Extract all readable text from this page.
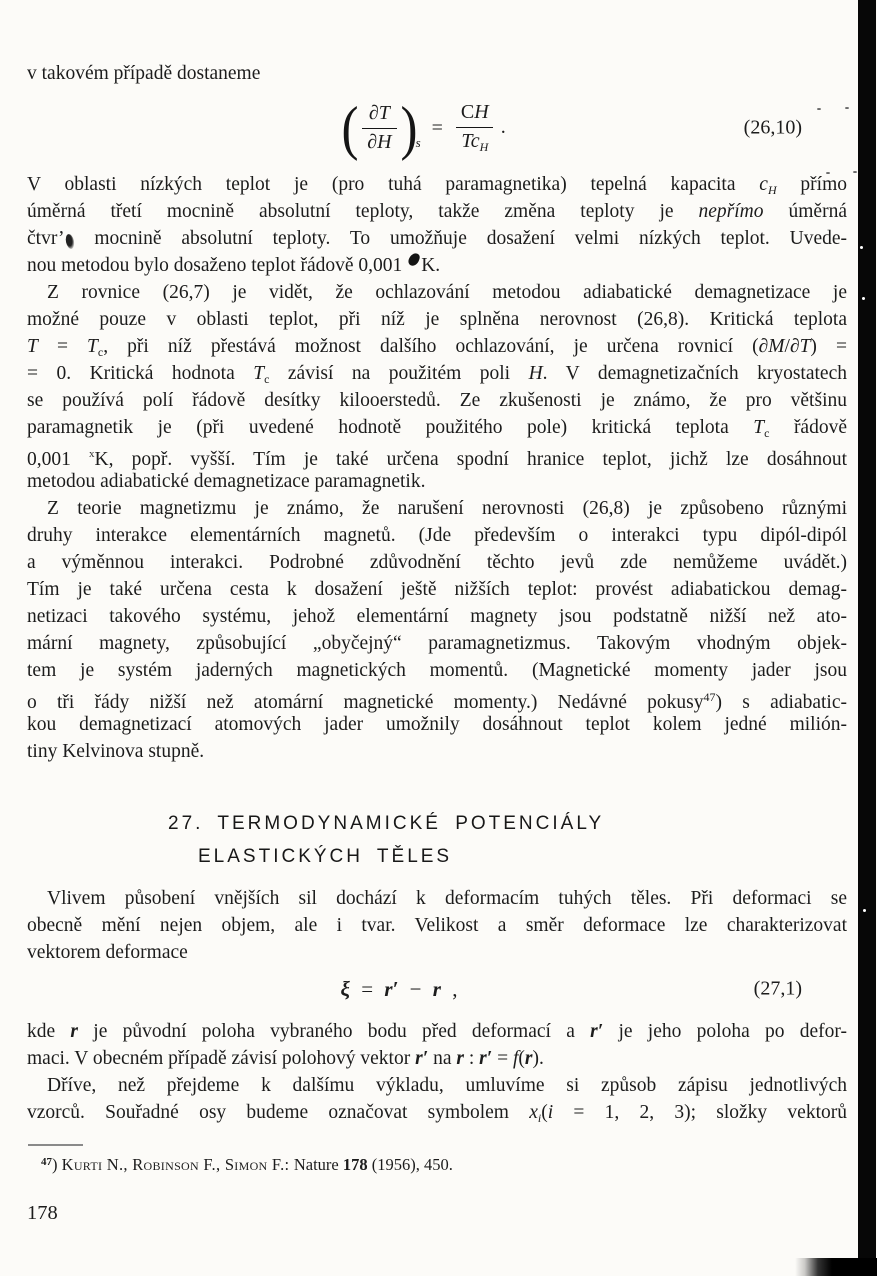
v takovém případě dostaneme
( $\frac{\partial T}{\partial H}$ )
s
= $\frac{CH}{Tc_H}$ .	(26,10)
V oblasti nízkých teplot je (pro tuhá paramagnetika) tepelná kapacita $c_H$ přímo
úměrná třetí mocnině absolutní teploty, takže změna teploty je nepřímo úměrná
čtvr’ mocnině absolutní teploty. To umožňuje dosažení velmi nízkých teplot. Uvede-
nou metodou bylo dosaženo teplot řádově 0,001 K.
Z rovnice (26,7) je vidět, že ochlazování metodou adiabatické demagnetizace je
možné pouze v oblasti teplot, při níž je splněna nerovnost (26,8). Kritická teplota
$T = T_c$, při níž přestává možnost dalšího ochlazování, je určena rovnicí (∂M/∂T) =
= 0. Kritická hodnota $T_c$ závisí na použitém poli H. V demagnetizačních kryostatech
se používá polí řádově desítky kilooerstedů. Ze zkušenosti je známo, že pro většinu
paramagnetik je (při uvedené hodnotě použitého pole) kritická teplota $T_c$ řádově
0,001 $^x$K, popř. vyšší. Tím je také určena spodní hranice teplot, jichž lze dosáhnout
metodou adiabatické demagnetizace paramagnetik.
Z teorie magnetizmu je známo, že narušení nerovnosti (26,8) je způsobeno různými
druhy interakce elementárních magnetů. (Jde především o interakci typu dipól-dipól
a výměnnou interakci. Podrobné zdůvodnění těchto jevů zde nemůžeme uvádět.)
Tím je také určena cesta k dosažení ještě nižších teplot: provést adiabatickou demag-
netizaci takového systému, jehož elementární magnety jsou podstatně nižší než ato-
mární magnety, způsobující „obyčejný“ paramagnetizmus. Takovým vhodným objek-
tem je systém jaderných magnetických momentů. (Magnetické momenty jader jsou
o tři řády nižší než atomární magnetické momenty.) Nedávné pokusy$^{47}$) s adiabatic-
kou demagnetizací atomových jader umožnily dosáhnout teplot kolem jedné milión-
tiny Kelvinova stupně.
27. TERMODYNAMICKÉ POTENCIÁLY
ELASTICKÝCH TĚLES
Vlivem působení vnějších sil dochází k deformacím tuhých těles. Při deformaci se
obecně mění nejen objem, ale i tvar. Velikost a směr deformace lze charakterizovat
vektorem deformace
ξ = r′ − r ,	(27,1)
kde r je původní poloha vybraného bodu před deformací a r′ je jeho poloha po defor-
maci. V obecném případě závisí polohový vektor r′ na r : r′ = f(r).
Dříve, než přejdeme k dalšímu výkladu, umluvíme si způsob zápisu jednotlivých
vzorců. Souřadné osy budeme označovat symbolem $x_i(i = 1$, 2, 3); složky vektorů
$^{47}$) Kurti N., Robinson F., Simon F.: Nature 178 (1956), 450.
178
